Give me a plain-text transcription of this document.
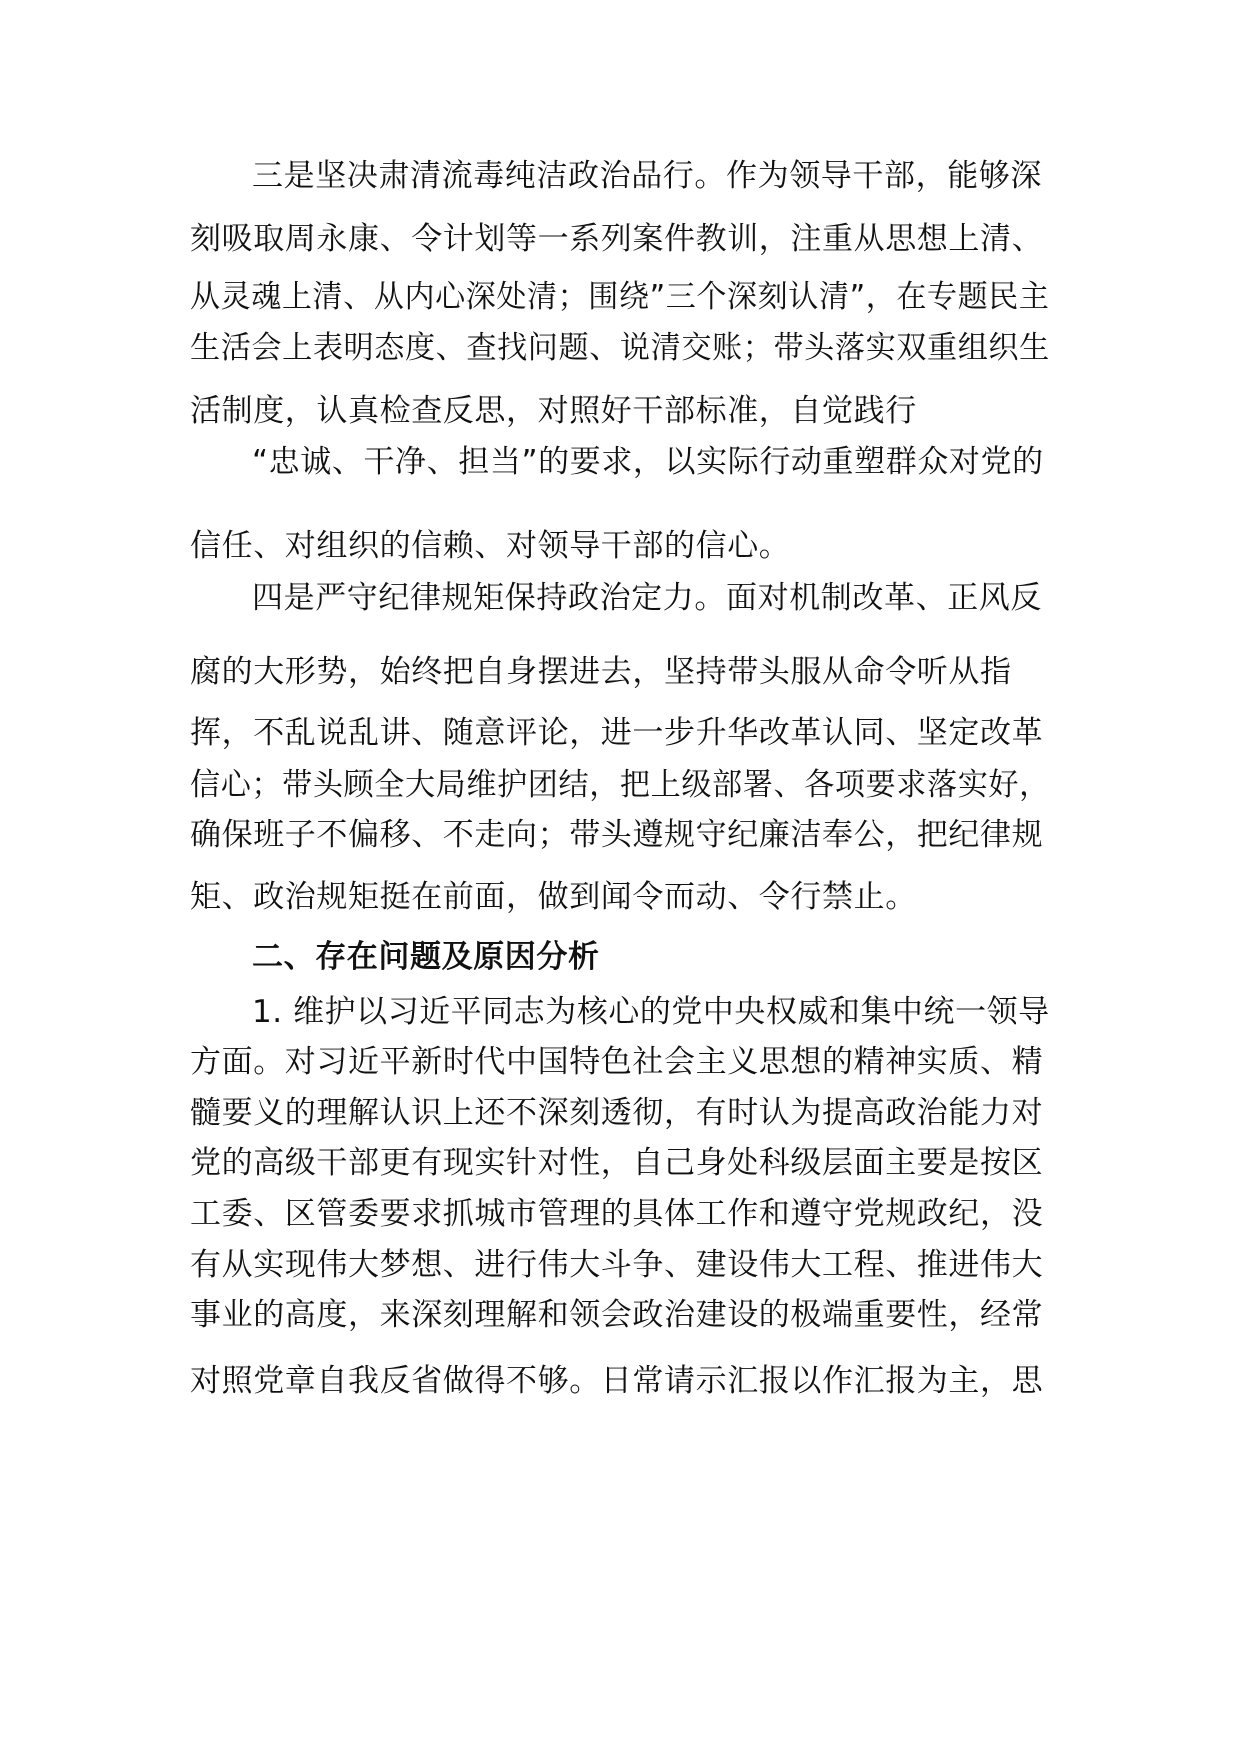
三是坚决肃清流毒纯洁政治品行。作为领导干部，能够深

刻吸取周永康、令计划等一系列案件教训，注重从思想上清、

从灵魂上清、从内心深处清；围绕”三个深刻认清”，在专题民主

生活会上表明态度、查找问题、说清交账；带头落实双重组织生

活制度，认真检查反思，对照好干部标准，自觉践行

“忠诚、干净、担当”的要求，以实际行动重塑群众对党的

信任、对组织的信赖、对领导干部的信心。

四是严守纪律规矩保持政治定力。面对机制改革、正风反

腐的大形势，始终把自身摆进去，坚持带头服从命令听从指

挥，不乱说乱讲、随意评论，进一步升华改革认同、坚定改革

信心；带头顾全大局维护团结，把上级部署、各项要求落实好，

确保班子不偏移、不走向；带头遵规守纪廉洁奉公，把纪律规

矩、政治规矩挺在前面，做到闻令而动、令行禁止。

二、存在问题及原因分析

1. 维护以习近平同志为核心的党中央权威和集中统一领导

方面。对习近平新时代中国特色社会主义思想的精神实质、精

髓要义的理解认识上还不深刻透彻，有时认为提高政治能力对

党的高级干部更有现实针对性，自己身处科级层面主要是按区

工委、区管委要求抓城市管理的具体工作和遵守党规政纪，没

有从实现伟大梦想、进行伟大斗争、建设伟大工程、推进伟大

事业的高度，来深刻理解和领会政治建设的极端重要性，经常

对照党章自我反省做得不够。日常请示汇报以作汇报为主，思
